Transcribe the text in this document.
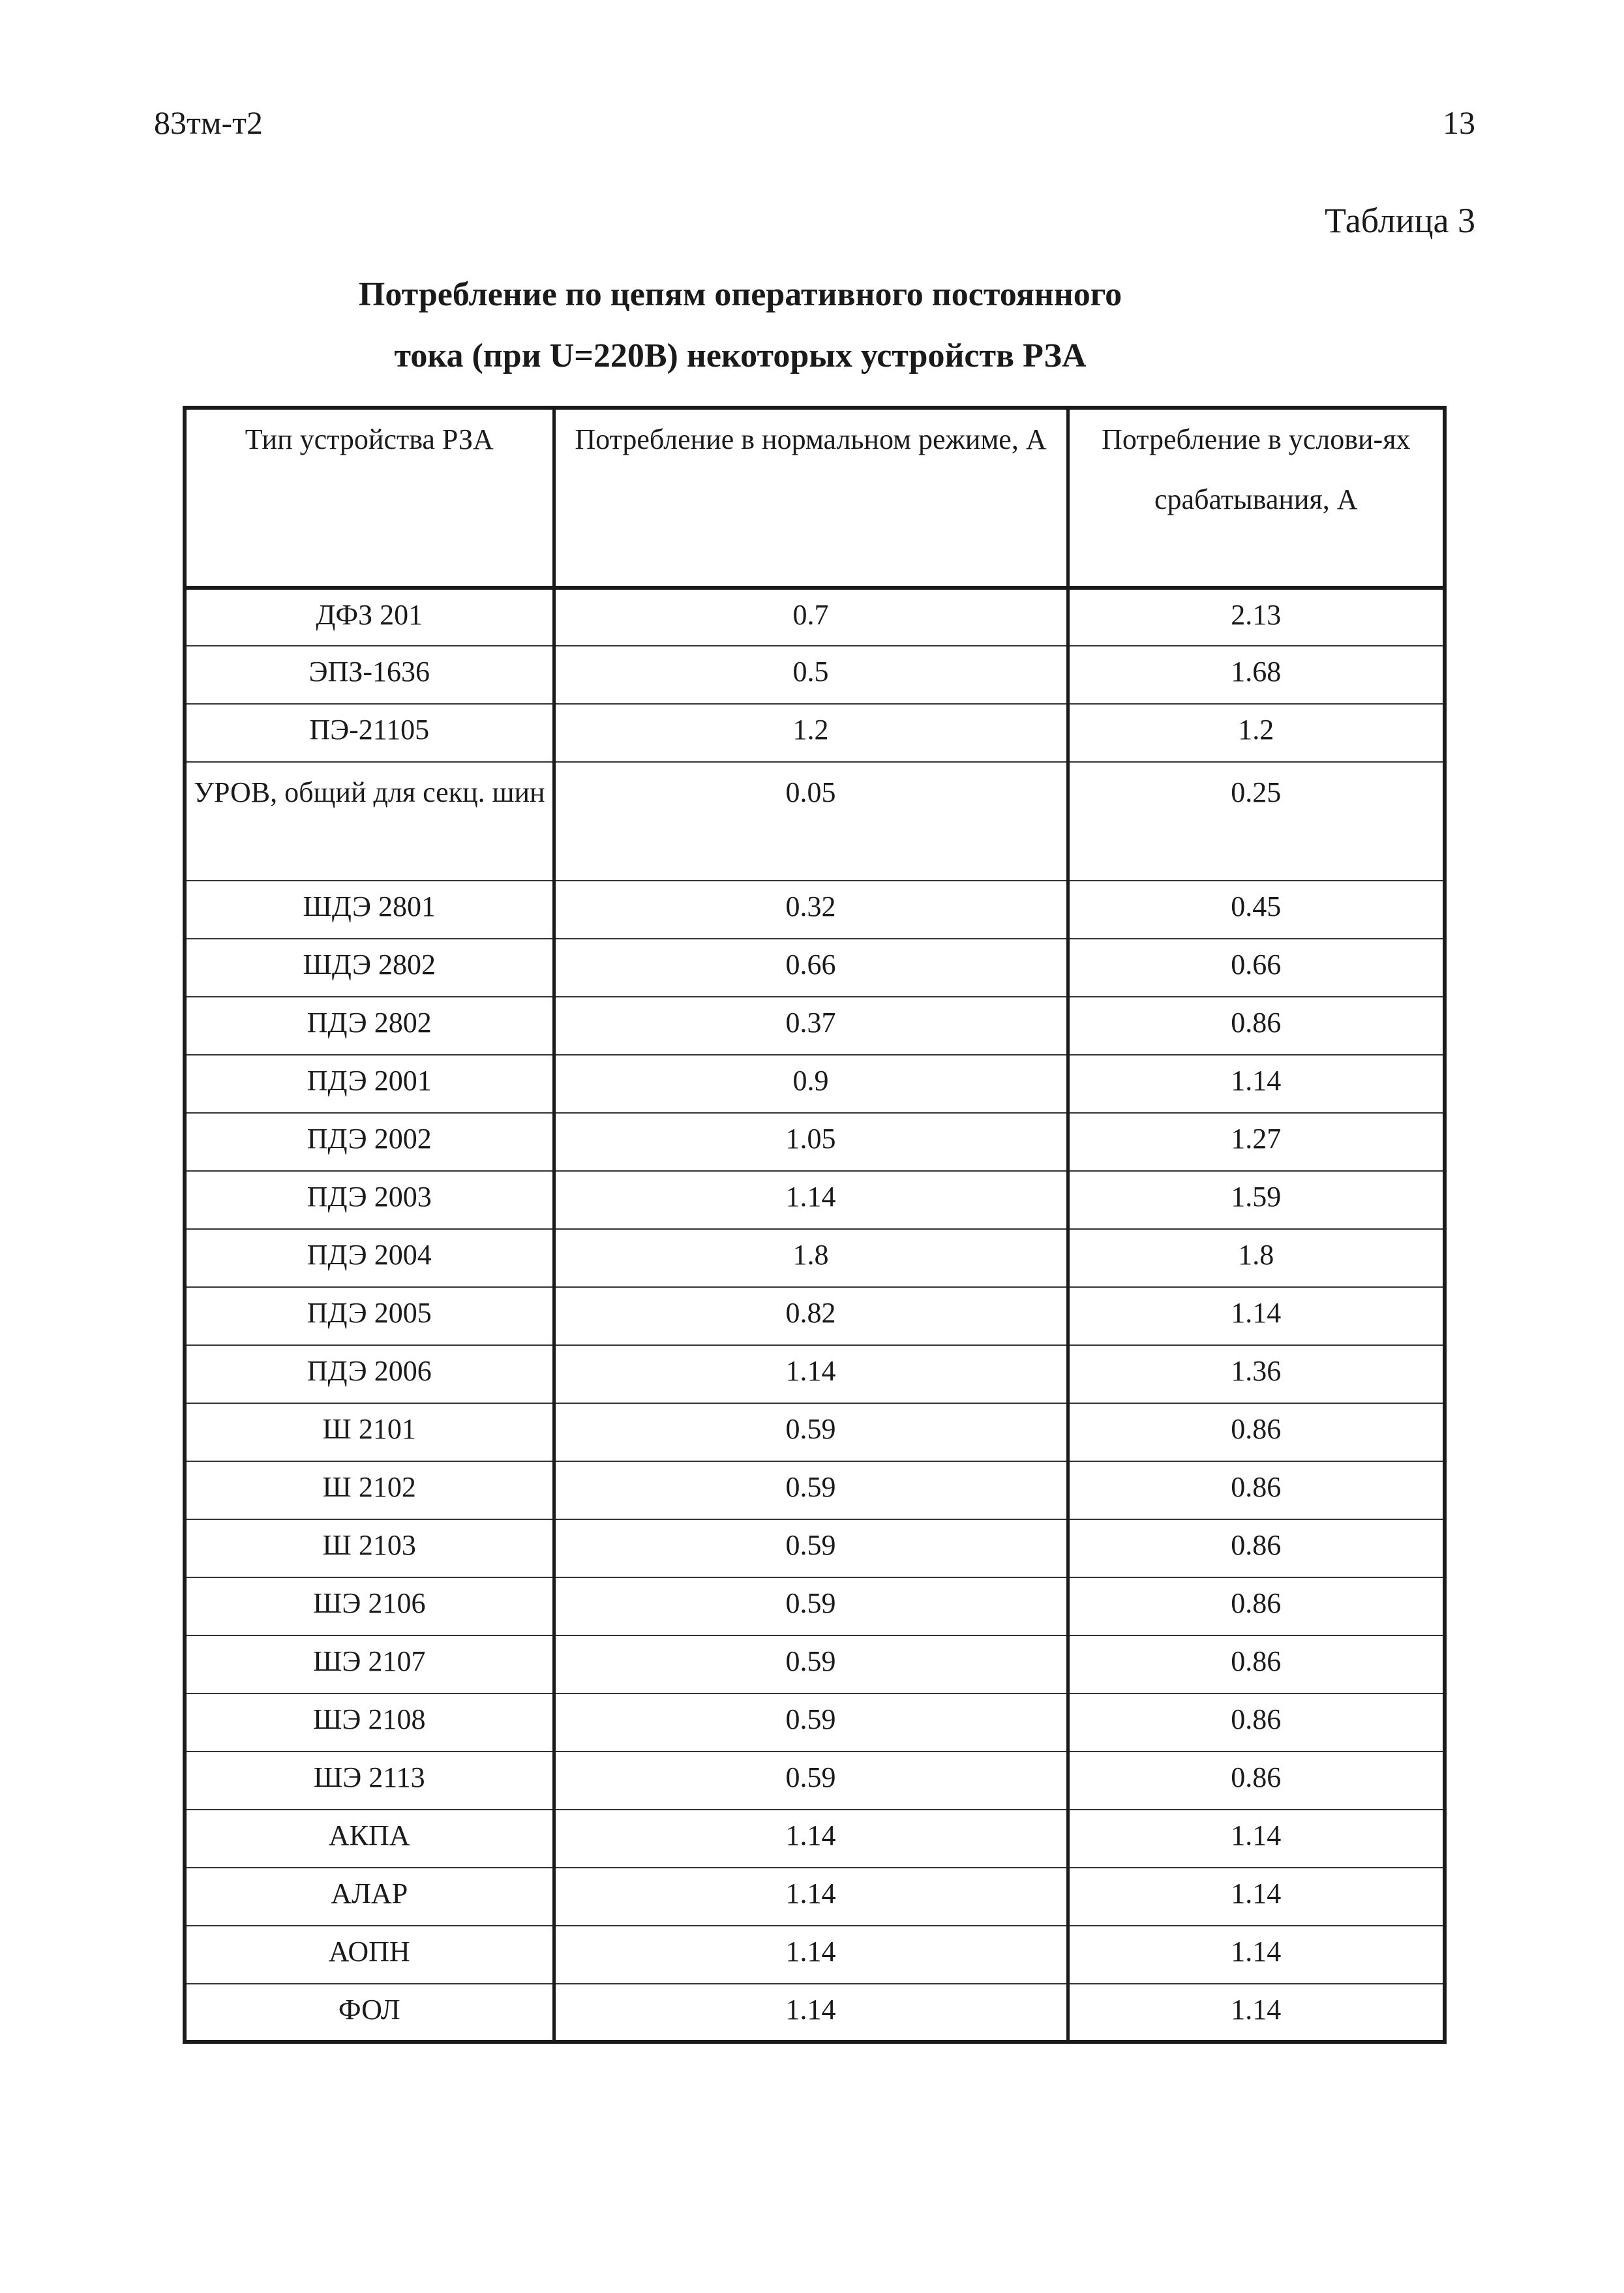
83тм-т2	13
Таблица 3
Потребление по цепям оперативного постоянного
тока (при U=220В) некоторых устройств РЗА
Тип устройства РЗА	Потребление в нормальном режиме, А	Потребление в услови-ях срабатывания, А
ДФЗ 201	0.7	2.13
ЭПЗ-1636	0.5	1.68
ПЭ-21105	1.2	1.2
УРОВ, общий для секц. шин	0.05	0.25
ШДЭ 2801	0.32	0.45
ШДЭ 2802	0.66	0.66
ПДЭ 2802	0.37	0.86
ПДЭ 2001	0.9	1.14
ПДЭ 2002	1.05	1.27
ПДЭ 2003	1.14	1.59
ПДЭ 2004	1.8	1.8
ПДЭ 2005	0.82	1.14
ПДЭ 2006	1.14	1.36
Ш 2101	0.59	0.86
Ш 2102	0.59	0.86
Ш 2103	0.59	0.86
ШЭ 2106	0.59	0.86
ШЭ 2107	0.59	0.86
ШЭ 2108	0.59	0.86
ШЭ 2113	0.59	0.86
АКПА	1.14	1.14
АЛАР	1.14	1.14
АОПН	1.14	1.14
ФОЛ	1.14	1.14
